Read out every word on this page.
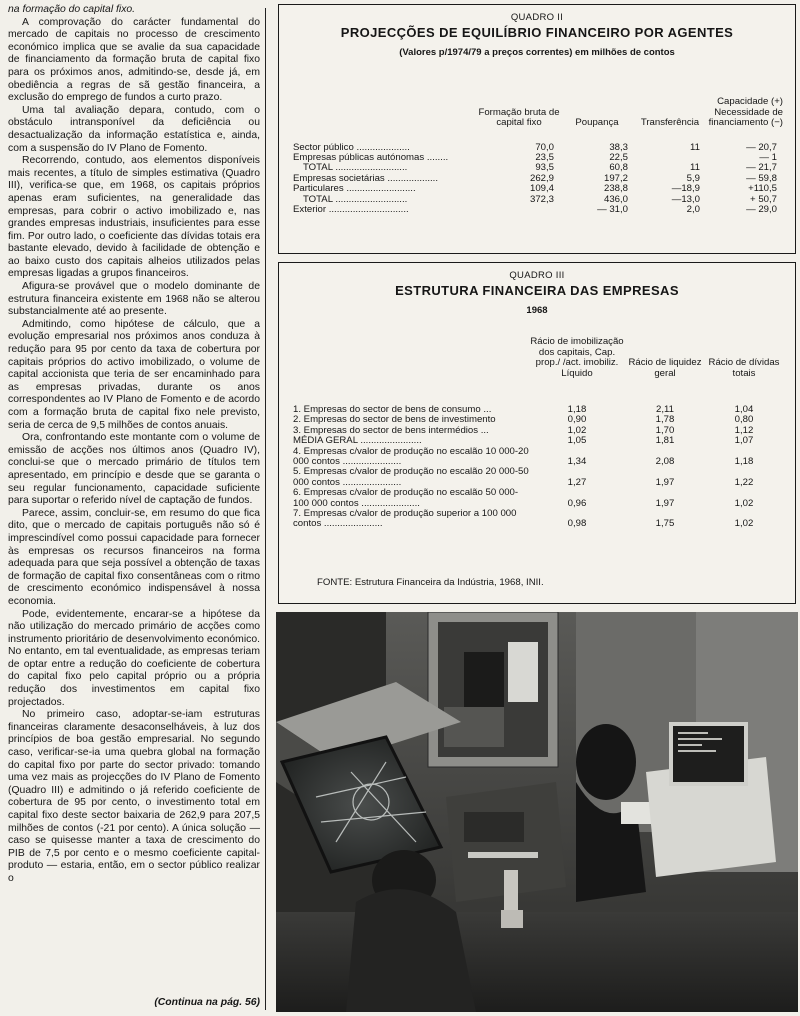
na formação do capital fixo.

A comprovação do carácter fundamental do mercado de capitais no processo de crescimento económico implica que se avalie da sua capacidade de financiamento da formação bruta de capital fixo para os próximos anos, admitindo-se, desde já, em obediência a regras de sã gestão financeira, a exclusão do emprego de fundos a curto prazo.

Uma tal avaliação depara, contudo, com o obstáculo intransponível da deficiência ou desactualização da informação estatística e, ainda, com a suspensão do IV Plano de Fomento.

Recorrendo, contudo, aos elementos disponíveis mais recentes, a título de simples estimativa (Quadro III), verifica-se que, em 1968, os capitais próprios apenas eram suficientes, na generalidade das empresas, para cobrir o activo imobilizado e, nas grandes empresas industriais, insuficientes para esse fim. Por outro lado, o coeficiente das dívidas totais era bastante elevado, devido à facilidade de obtenção e ao baixo custo dos capitais alheios utilizados pelas empresas ligadas a grupos financeiros.

Afigura-se provável que o modelo dominante de estrutura financeira existente em 1968 não se alterou substancialmente até ao presente.

Admitindo, como hipótese de cálculo, que a evolução empresarial nos próximos anos conduza à redução para 95 por cento da taxa de cobertura por capitais próprios do activo imobilizado, o volume de capital accionista que teria de ser encaminhado para as empresas privadas, durante os anos correspondentes ao IV Plano de Fomento e de acordo com a formação bruta de capital fixo nele previsto, seria de cerca de 9,5 milhões de contos anuais.

Ora, confrontando este montante com o volume de emissão de acções nos últimos anos (Quadro IV), conclui-se que o mercado primário de títulos tem apresentado, em princípio e desde que se garanta o seu regular funcionamento, capacidade suficiente para suportar o referido nível de captação de fundos.

Parece, assim, concluir-se, em resumo do que fica dito, que o mercado de capitais português não só é imprescindível como possui capacidade para fornecer às empresas os recursos financeiros na forma adequada para que seja possível a obtenção de taxas de formação de capital fixo consentâneas com o ritmo de crescimento económico indispensável à nossa economia.

Pode, evidentemente, encarar-se a hipótese da não utilização do mercado primário de acções como instrumento prioritário de desenvolvimento económico. No entanto, em tal eventualidade, as empresas teriam de optar entre a redução do coeficiente de cobertura do capital fixo pelo capital próprio ou a própria redução dos investimentos em capital fixo projectados.

No primeiro caso, adoptar-se-iam estruturas financeiras claramente desaconselháveis, à luz dos princípios de boa gestão empresarial. No segundo caso, verificar-se-ia uma quebra global na formação do capital fixo por parte do sector privado: tomando uma vez mais as projecções do IV Plano de Fomento (Quadro III) e admitindo o já referido coeficiente de cobertura de 95 por cento, o investimento total em capital fixo deste sector baixaria de 262,9 para 207,5 milhões de contos (-21 por cento). A única solução — caso se quisesse manter a taxa de crescimento do PIB de 7,5 por cento e o mesmo coeficiente capital-produto — estaria, então, em o sector público realizar o

(Continua na pág. 56)
QUADRO II
PROJECÇÕES DE EQUILÍBRIO FINANCEIRO POR AGENTES
(Valores p/1974/79 a preços correntes) em milhões de contos
	Formação bruta de capital fixo	Poupança	Transferência	Capacidade (+) Necessidade de financiamento (−)

Sector público ....................	70,0	38,3	11	— 20,7
Empresas públicas autónomas ........	23,5	22,5		— 1
TOTAL ...........................	93,5	60,8	11	— 21,7
Empresas societárias ...................	262,9	197,2	5,9	— 59,8
Particulares ..........................	109,4	238,8	—18,9	+110,5
TOTAL ...........................	372,3	436,0	—13,0	+ 50,7
Exterior ..............................		— 31,0	2,0	— 29,0
QUADRO III
ESTRUTURA FINANCEIRA DAS EMPRESAS
1968
	Rácio de imobilização dos capitais, Cap. prop./ /act. imobiliz. Líquido	Rácio de liquidez geral	Rácio de dívidas totais

1. Empresas do sector de bens de consumo ...	1,18	2,11	1,04
2. Empresas do sector de bens de investimento	0,90	1,78	0,80
3. Empresas do sector de bens intermédios ...	1,02	1,70	1,12
MÉDIA GERAL .......................	1,05	1,81	1,07
4. Empresas c/valor de produção no escalão 10 000-20 000 contos ......................	1,34	2,08	1,18
5. Empresas c/valor de produção no escalão 20 000-50 000 contos ......................	1,27	1,97	1,22
6. Empresas c/valor de produção no escalão 50 000-100 000 contos ......................	0,96	1,97	1,02
7. Empresas c/valor de produção superior a 100 000 contos ......................	0,98	1,75	1,02
FONTE: Estrutura Financeira da Indústria, 1968, INII.
